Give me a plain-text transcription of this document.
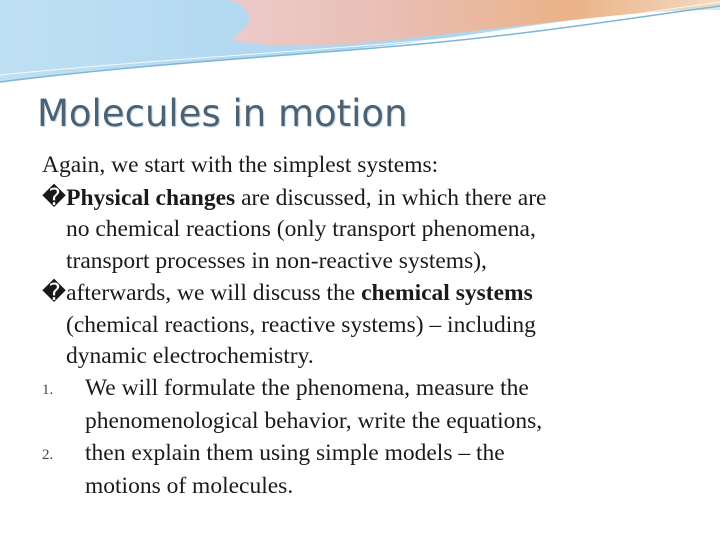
Molecules in motion
Again, we start with the simplest systems:
�Physical changes are discussed, in which there are
no chemical reactions (only transport phenomena,
transport processes in non-reactive systems),
�afterwards, we will discuss the chemical systems
(chemical reactions, reactive systems) – including
dynamic electrochemistry.
1.	We will formulate the phenomena, measure the
phenomenological behavior, write the equations,
2.	then explain them using simple models – the
motions of molecules.
